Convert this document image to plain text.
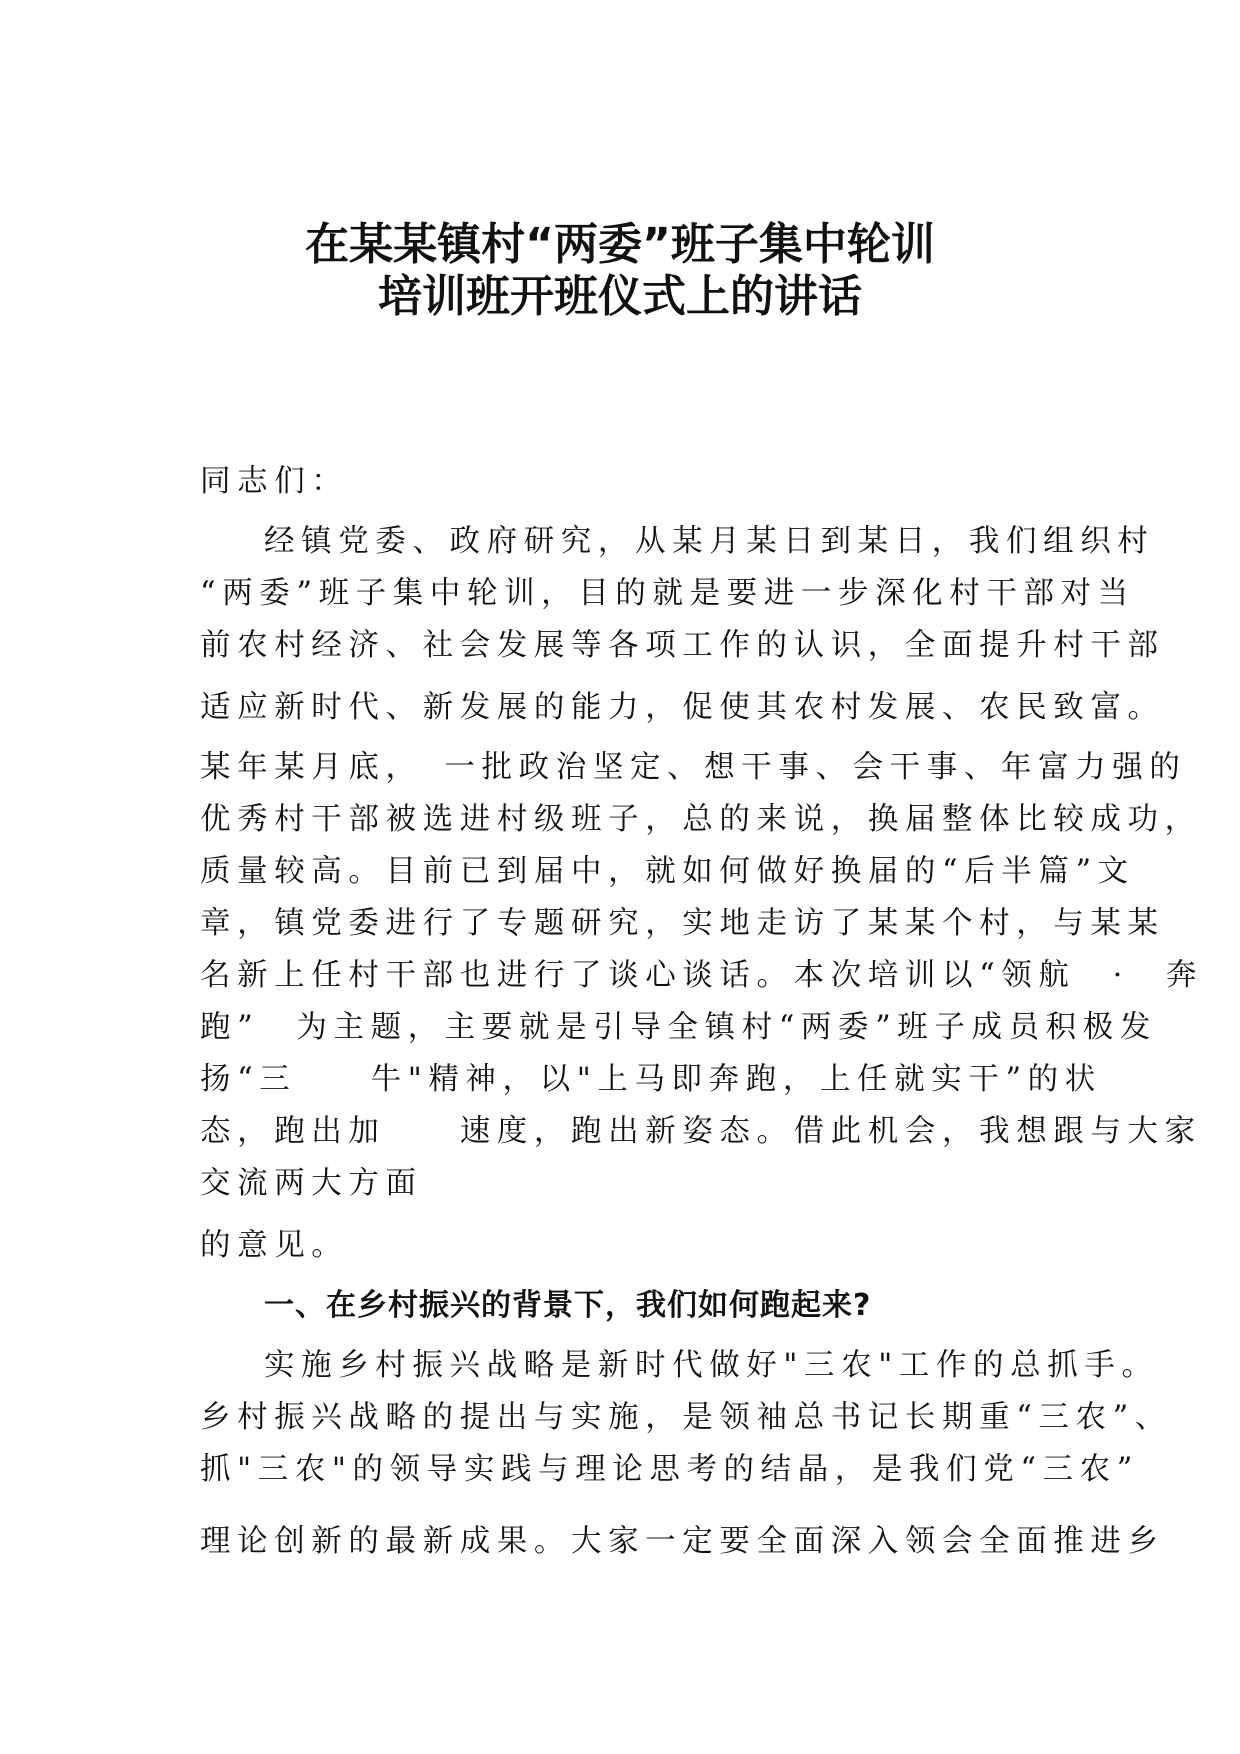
在某某镇村“两委”班子集中轮训
培训班开班仪式上的讲话
同志们：
经镇党委、政府研究，从某月某日到某日，我们组织村
“两委”班子集中轮训，目的就是要进一步深化村干部对当
前农村经济、社会发展等各项工作的认识，全面提升村干部
适应新时代、新发展的能力，促使其农村发展、农民致富。
某年某月底，　一批政治坚定、想干事、会干事、年富力强的
优秀村干部被选进村级班子，总的来说，换届整体比较成功，
质量较高。目前已到届中，就如何做好换届的“后半篇”文
章，镇党委进行了专题研究，实地走访了某某个村，与某某
名新上任村干部也进行了谈心谈话。本次培训以“领航　·　奔
跑”　为主题，主要就是引导全镇村“两委”班子成员积极发
扬“三　　牛"精神，以"上马即奔跑，上任就实干”的状
态，跑出加　　速度，跑出新姿态。借此机会，我想跟与大家
交流两大方面
的意见。
一、在乡村振兴的背景下，我们如何跑起来?
实施乡村振兴战略是新时代做好"三农"工作的总抓手。
乡村振兴战略的提出与实施，是领袖总书记长期重“三农”、
抓"三农"的领导实践与理论思考的结晶，是我们党“三农”
理论创新的最新成果。大家一定要全面深入领会全面推进乡
